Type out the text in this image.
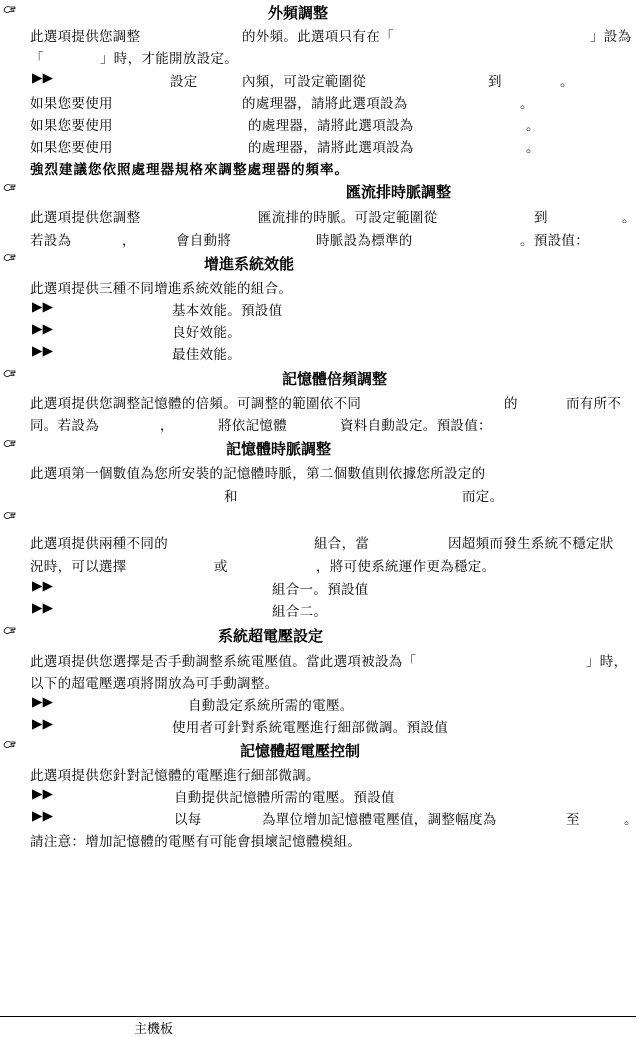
外頻調整
此選項提供您調整	的外頻。此選項只有在「	」設為
「	」時，才能開放設定。
▶▶	設定	內頻，可設定範圍從	到	。
如果您要使用	的處理器，請將此選項設為	。
如果您要使用	的處理器，請將此選項設為	。
如果您要使用	的處理器，請將此選項設為	。
強烈建議您依照處理器規格來調整處理器的頻率。
匯流排時脈調整
此選項提供您調整	匯流排的時脈。可設定範圍從	到	。
若設為	，	會自動將	時脈設為標準的	。預設值：
增進系統效能
此選項提供三種不同增進系統效能的組合。
▶▶	基本效能。預設值
▶▶	良好效能。
▶▶	最佳效能。
記憶體倍頻調整
此選項提供您調整記憶體的倍頻。可調整的範圍依不同	的	而有所不
同。若設為	，	將依記憶體	資料自動設定。預設值：
記憶體時脈調整
此選項第一個數值為您所安裝的記憶體時脈，第二個數值則依據您所設定的
和	而定。
此選項提供兩種不同的	組合，當	因超頻而發生系統不穩定狀
況時，可以選擇	或	，將可使系統運作更為穩定。
▶▶	組合一。預設值
▶▶	組合二。
系統超電壓設定
此選項提供您選擇是否手動調整系統電壓值。當此選項被設為「	」時，
以下的超電壓選項將開放為可手動調整。
▶▶	自動設定系統所需的電壓。
▶▶	使用者可針對系統電壓進行細部微調。預設值
記憶體超電壓控制
此選項提供您針對記憶體的電壓進行細部微調。
▶▶	自動提供記憶體所需的電壓。預設值
▶▶	以每	為單位增加記憶體電壓值，調整幅度為	至	。
請注意：增加記憶體的電壓有可能會損壞記憶體模組。
主機板
